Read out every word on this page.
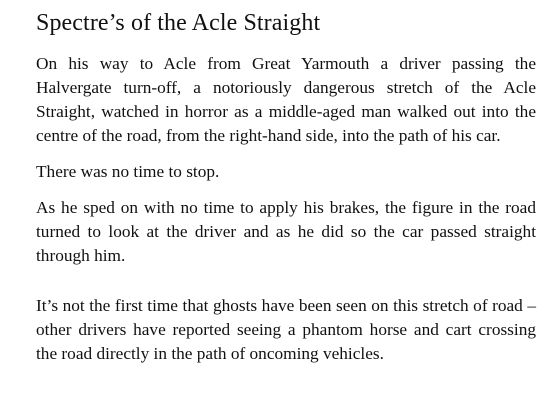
Spectre’s of the Acle Straight

On his way to Acle from Great Yarmouth a driver passing the Halvergate turn-off, a notoriously dangerous stretch of the Acle Straight, watched in horror as a middle-aged man walked out into the centre of the road, from the right-hand side, into the path of his car.

There was no time to stop.

As he sped on with no time to apply his brakes, the figure in the road turned to look at the driver and as he did so the car passed straight through him.

It’s not the first time that ghosts have been seen on this stretch of road – other drivers have reported seeing a phantom horse and cart crossing the road directly in the path of oncoming vehicles.
